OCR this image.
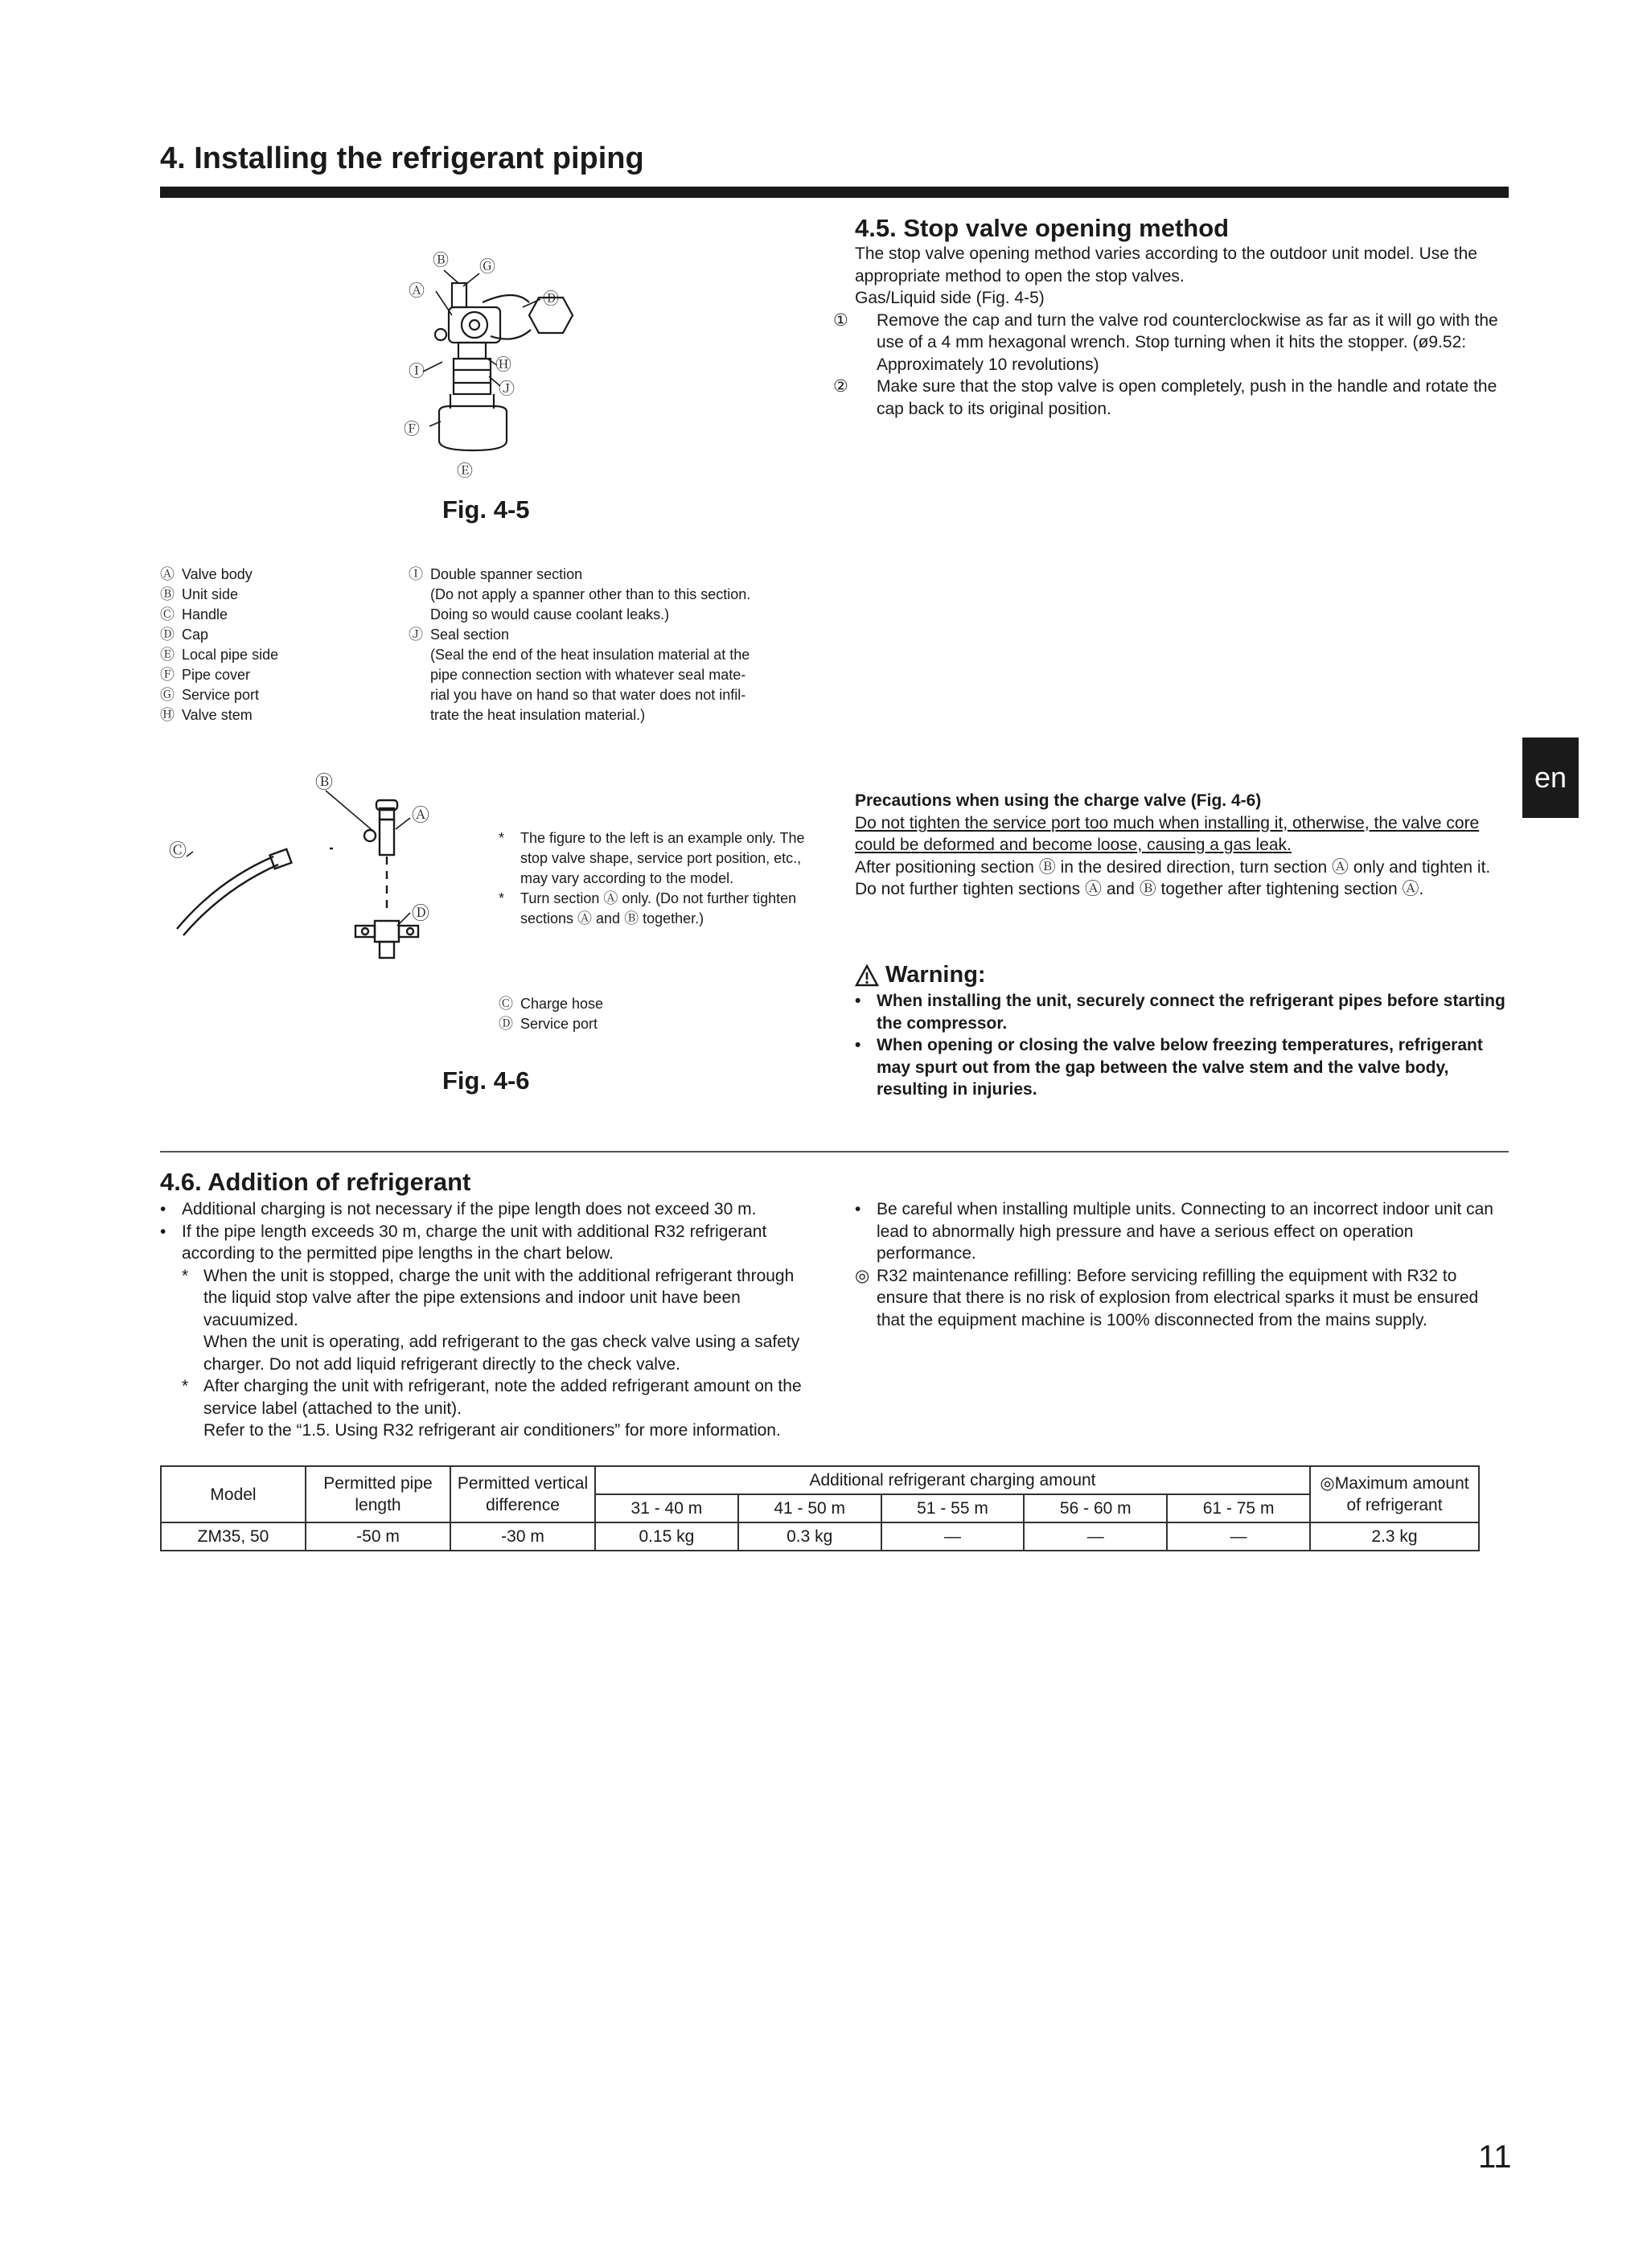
4. Installing the refrigerant piping
Ⓐ
Ⓑ Ⓖ
Ⓓ
Ⓗ
Ⓙ
Ⓘ
Ⓕ
Ⓔ
Fig. 4-5
4.5. Stop valve opening method
The stop valve opening method varies according to the outdoor unit model. Use the appropriate method to open the stop valves.
Gas/Liquid side (Fig. 4-5)
① Remove the cap and turn the valve rod counterclockwise as far as it will go with the use of a 4 mm hexagonal wrench. Stop turning when it hits the stopper. (ø9.52: Approximately 10 revolutions)
② Make sure that the stop valve is open completely, push in the handle and rotate the cap back to its original position.
Ⓐ Valve body
Ⓑ Unit side
Ⓒ Handle
Ⓓ Cap
Ⓔ Local pipe side
Ⓕ Pipe cover
Ⓖ Service port
Ⓗ Valve stem
Ⓘ Double spanner section
(Do not apply a spanner other than to this section.
Doing so would cause coolant leaks.)
Ⓙ Seal section
(Seal the end of the heat insulation material at the
pipe connection section with whatever seal mate-
rial you have on hand so that water does not infil-
trate the heat insulation material.)
en
Ⓑ
Ⓐ
Ⓓ
Ⓒ
*	The figure to the left is an example only. The stop valve shape, service port position, etc., may vary according to the model.
*	Turn section Ⓐ only. (Do not further tighten sections Ⓐ and Ⓑ together.)
Ⓒ Charge hose
Ⓓ Service port
Fig. 4-6
Precautions when using the charge valve (Fig. 4-6)
Do not tighten the service port too much when installing it, otherwise, the valve core could be deformed and become loose, causing a gas leak.
After positioning section Ⓑ in the desired direction, turn section Ⓐ only and tighten it. Do not further tighten sections Ⓐ and Ⓑ together after tightening section Ⓐ.
Warning:
• When installing the unit, securely connect the refrigerant pipes before starting the compressor.
• When opening or closing the valve below freezing temperatures, refrigerant may spurt out from the gap between the valve stem and the valve body, resulting in injuries.
4.6. Addition of refrigerant
• Additional charging is not necessary if the pipe length does not exceed 30 m.
• If the pipe length exceeds 30 m, charge the unit with additional R32 refrigerant according to the permitted pipe lengths in the chart below.
* When the unit is stopped, charge the unit with the additional refrigerant through the liquid stop valve after the pipe extensions and indoor unit have been vacuumized.
When the unit is operating, add refrigerant to the gas check valve using a safety charger. Do not add liquid refrigerant directly to the check valve.
* After charging the unit with refrigerant, note the added refrigerant amount on the service label (attached to the unit).
Refer to the “1.5. Using R32 refrigerant air conditioners” for more information.
• Be careful when installing multiple units. Connecting to an incorrect indoor unit can lead to abnormally high pressure and have a serious effect on operation performance.
◎ R32 maintenance refilling: Before servicing refilling the equipment with R32 to ensure that there is no risk of explosion from electrical sparks it must be ensured that the equipment machine is 100% disconnected from the mains supply.
Model	Permitted pipe length	Permitted vertical difference	Additional refrigerant charging amount					◎Maximum amount of refrigerant
			31 - 40 m	41 - 50 m	51 - 55 m	56 - 60 m	61 - 75 m	
ZM35, 50	-50 m	-30 m	0.15 kg	0.3 kg	—	—	—	2.3 kg
11
